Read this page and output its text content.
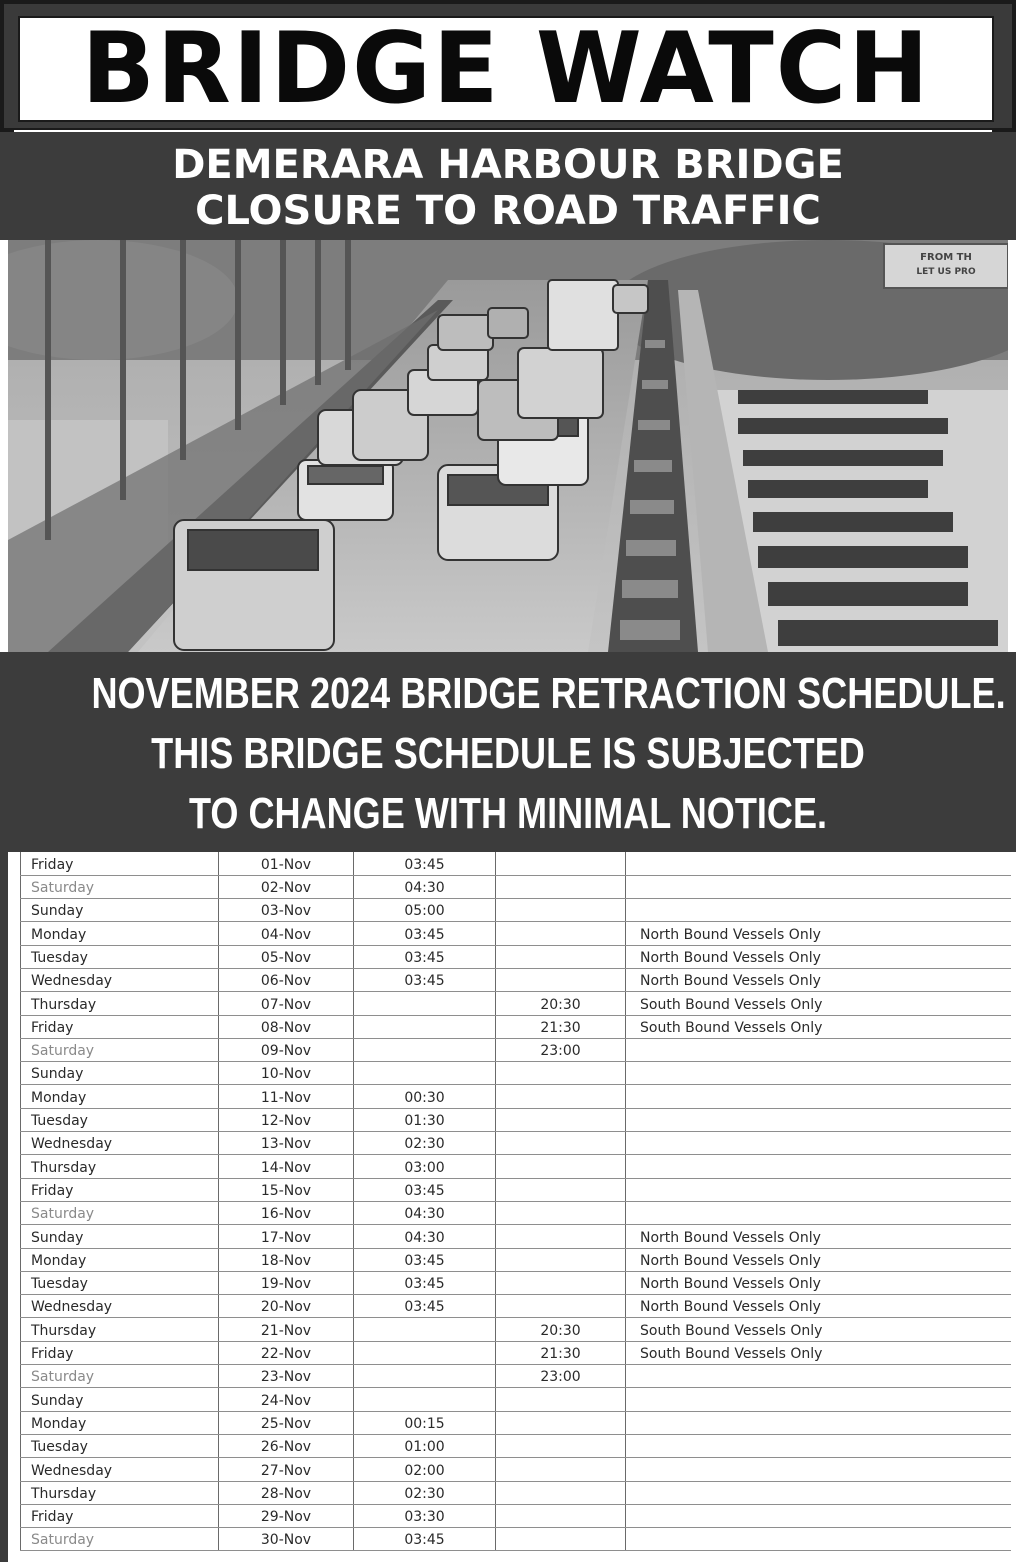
BRIDGE WATCH
DEMERARA HARBOUR BRIDGE
CLOSURE TO ROAD TRAFFIC
FROM TH
LET US PRO
NOVEMBER 2024 BRIDGE RETRACTION SCHEDULE.
THIS BRIDGE SCHEDULE IS SUBJECTED
TO CHANGE WITH MINIMAL NOTICE.
Friday	01-Nov	03:45		
Saturday	02-Nov	04:30		
Sunday	03-Nov	05:00		
Monday	04-Nov	03:45		North Bound Vessels Only
Tuesday	05-Nov	03:45		North Bound Vessels Only
Wednesday	06-Nov	03:45		North Bound Vessels Only
Thursday	07-Nov		20:30	South Bound Vessels Only
Friday	08-Nov		21:30	South Bound Vessels Only
Saturday	09-Nov		23:00	
Sunday	10-Nov			
Monday	11-Nov	00:30		
Tuesday	12-Nov	01:30		
Wednesday	13-Nov	02:30		
Thursday	14-Nov	03:00		
Friday	15-Nov	03:45		
Saturday	16-Nov	04:30		
Sunday	17-Nov	04:30		North Bound Vessels Only
Monday	18-Nov	03:45		North Bound Vessels Only
Tuesday	19-Nov	03:45		North Bound Vessels Only
Wednesday	20-Nov	03:45		North Bound Vessels Only
Thursday	21-Nov		20:30	South Bound Vessels Only
Friday	22-Nov		21:30	South Bound Vessels Only
Saturday	23-Nov		23:00	
Sunday	24-Nov			
Monday	25-Nov	00:15		
Tuesday	26-Nov	01:00		
Wednesday	27-Nov	02:00		
Thursday	28-Nov	02:30		
Friday	29-Nov	03:30		
Saturday	30-Nov	03:45		
